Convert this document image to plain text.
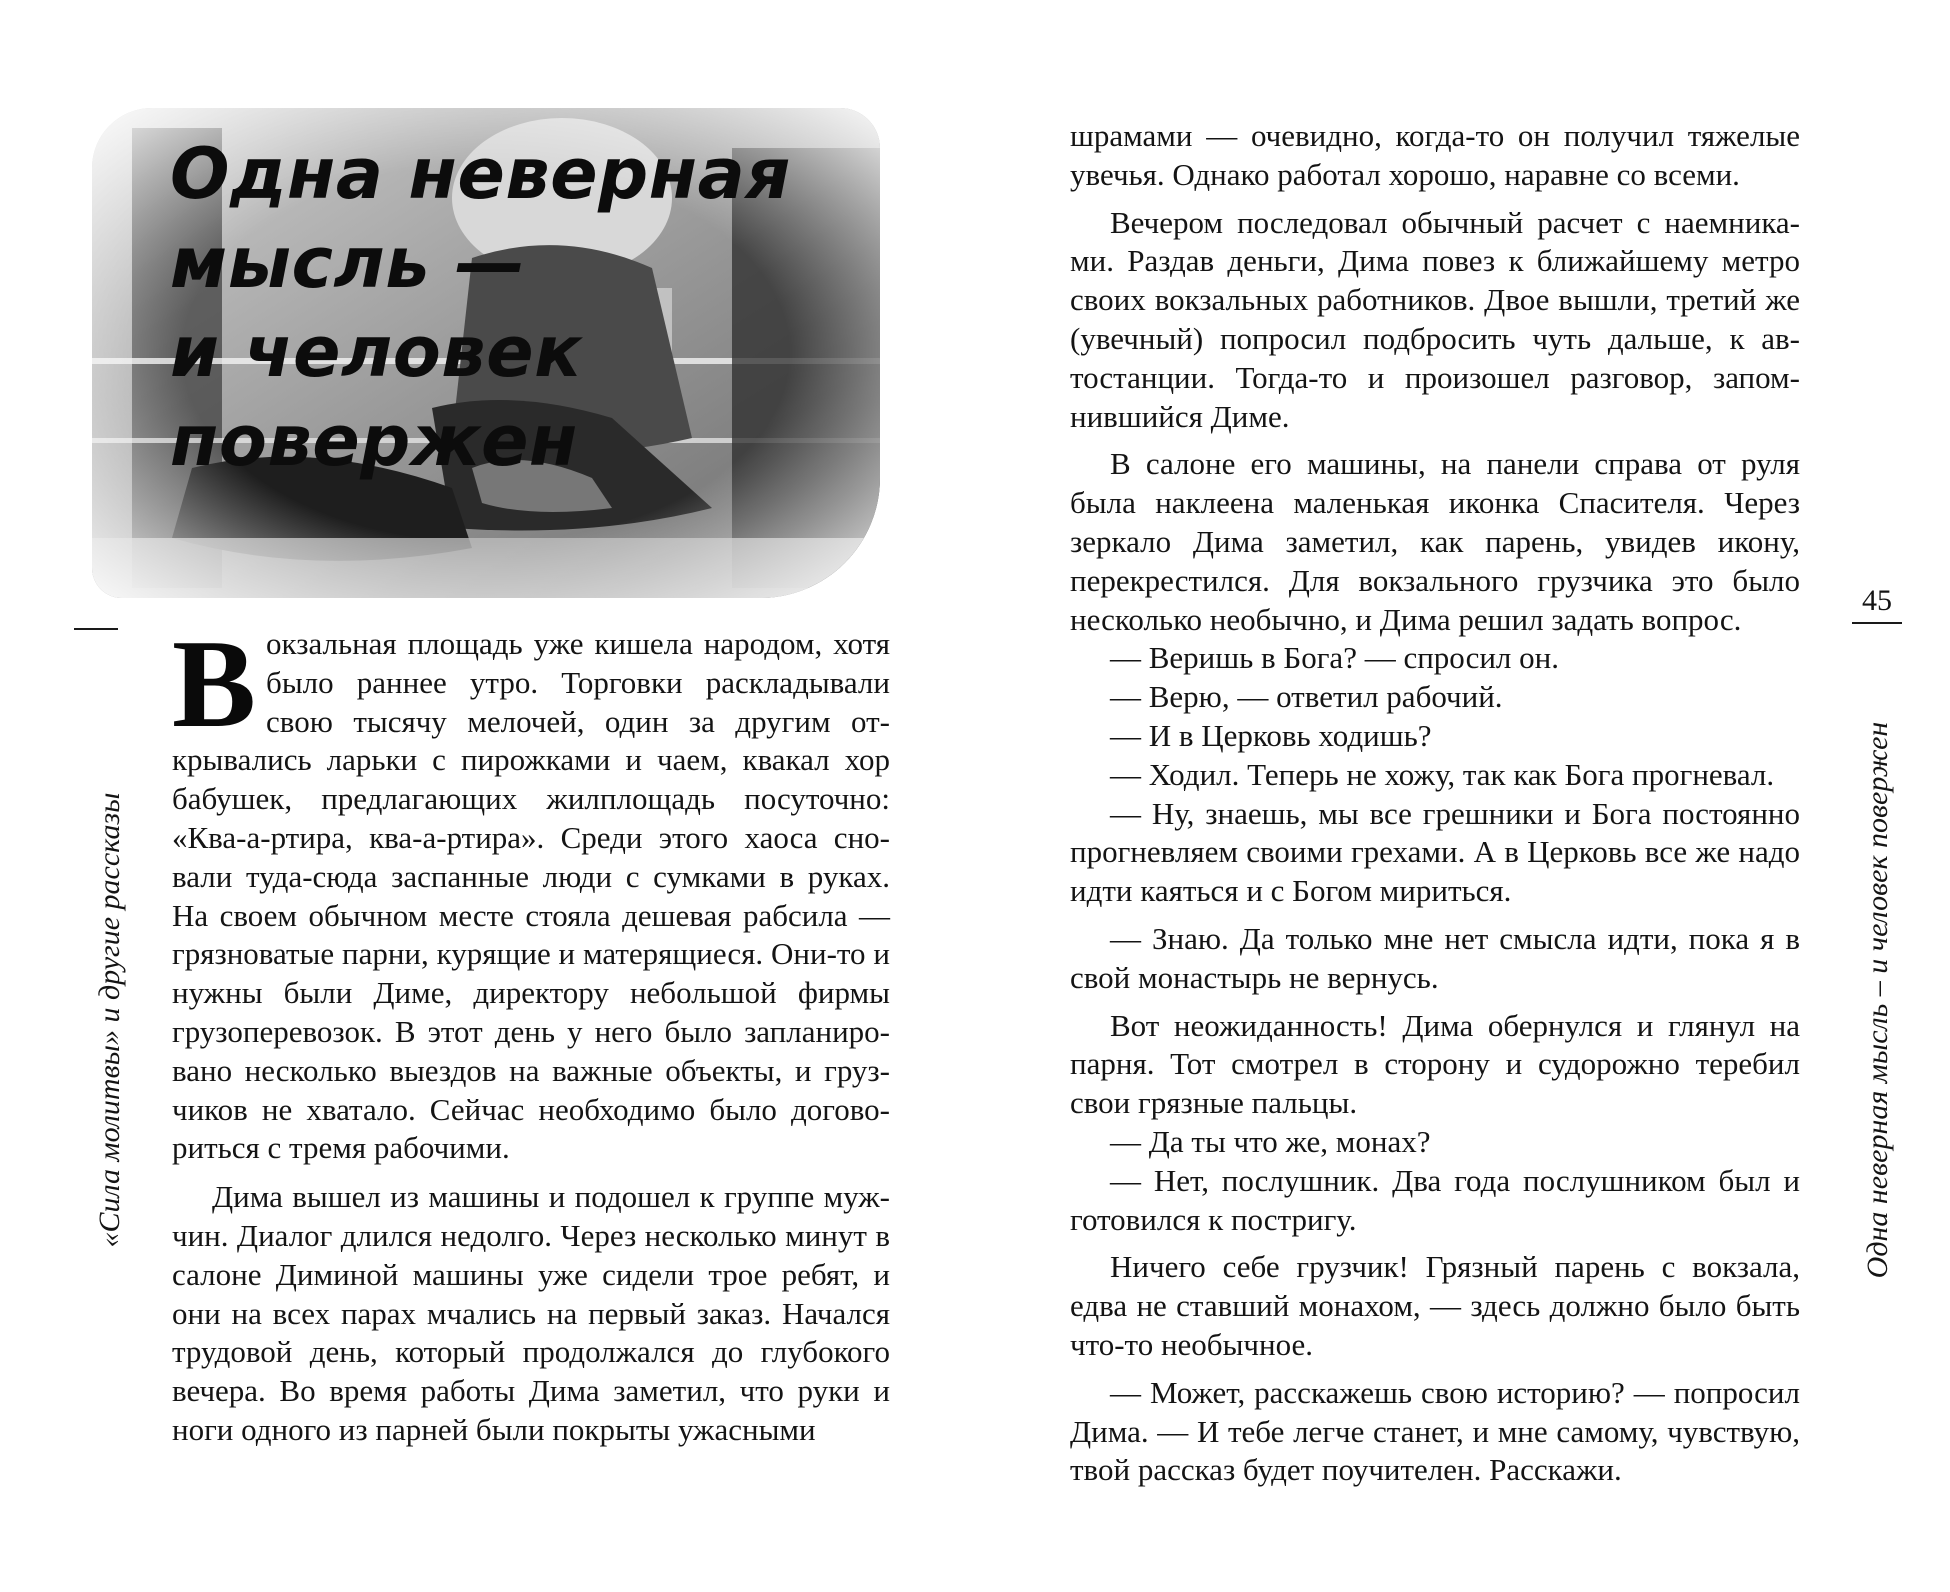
Одна неверная
мысль —
и человек
повержен
«Сила молитвы» и другие рассказы

Вокзальная площадь уже кишела народом, хотя было раннее утро. Торговки раскладывали свою тысячу мелочей, один за другим открывались ларьки с пирожками и чаем, квакал хор бабушек, предлагающих жилплощадь посуточно: «Ква-а-ртира, ква-а-ртира». Среди этого хаоса сновали туда-сюда заспанные люди с сумками в руках. На своем обычном месте стояла дешевая рабсила — грязноватые парни, курящие и матерящиеся. Они-то и нужны были Диме, директору небольшой фирмы грузоперевозок. В этот день у него было запланировано несколько выездов на важные объекты, и грузчиков не хватало. Сейчас необходимо было договориться с тремя рабочими.

Дима вышел из машины и подошел к группе мужчин. Диалог длился недолго. Через несколько минут в салоне Диминой машины уже сидели трое ребят, и они на всех парах мчались на первый заказ. Начался трудовой день, который продолжался до глубокого вечера. Во время работы Дима заметил, что руки и ноги одного из парней были покрыты ужасными

шрамами — очевидно, когда-то он получил тяжелые увечья. Однако работал хорошо, наравне со всеми.

Вечером последовал обычный расчет с наемниками. Раздав деньги, Дима повез к ближайшему метро своих вокзальных работников. Двое вышли, третий же (увечный) попросил подбросить чуть дальше, к автостанции. Тогда-то и произошел разговор, запомнившийся Диме.

В салоне его машины, на панели справа от руля была наклеена маленькая иконка Спасителя. Через зеркало Дима заметил, как парень, увидев икону, перекрестился. Для вокзального грузчика это было несколько необычно, и Дима решил задать вопрос.

— Веришь в Бога? — спросил он.

— Верю, — ответил рабочий.

— И в Церковь ходишь?

— Ходил. Теперь не хожу, так как Бога прогневал.

— Ну, знаешь, мы все грешники и Бога постоянно прогневляем своими грехами. А в Церковь все же надо идти каяться и с Богом мириться.

— Знаю. Да только мне нет смысла идти, пока я в свой монастырь не вернусь.

Вот неожиданность! Дима обернулся и глянул на парня. Тот смотрел в сторону и судорожно теребил свои грязные пальцы.

— Да ты что же, монах?

— Нет, послушник. Два года послушником был и готовился к постригу.

Ничего себе грузчик! Грязный парень с вокзала, едва не ставший монахом, — здесь должно было быть что-то необычное.

— Может, расскажешь свою историю? — попросил Дима. — И тебе легче станет, и мне самому, чувствую, твой рассказ будет поучителен. Расскажи.

45
Одна неверная мысль – и человек повержен
